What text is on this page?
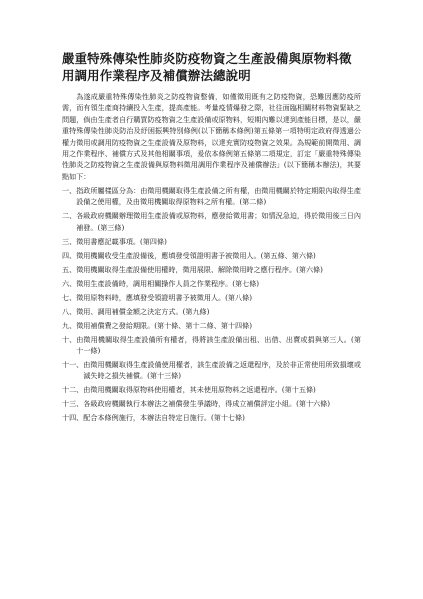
嚴重特殊傳染性肺炎防疫物資之生產設備與原物料徵用調用作業程序及補償辦法總說明

為遂成嚴重特殊傳染性肺炎之防疫物資整備，如僅徵用既有之防疫物資，恐難因應防疫所需，而有領生產商持續投入生產，提高產能。考量疫情爆發之際，社往面臨相關材料物資緊缺之問題，倘由生產者自行購買防疫物資之生產設備或原物料，短期內難以達到產能目標，是以，嚴重特殊傳染性肺炎防治及紓困振興特別條例(以下簡稱本條例)第五條第一項特明定政府得透過公權力徵用或調用防疫物資之生產設備及原物料，以達充實防疫物資之效果。為規範前開徵用、調用之作業程序、補償方式及其他相關事項，爰依本條例第五條第二項規定，訂定「嚴重特殊傳染性肺炎之防疫物資之生產設備與原物料徵用調用作業程序及補償辦法」(以下簡稱本辦法)，其要點如下：

一、 指政所屬樣區分為：由徵用機關取得生產設備之所有權，由徵用機關於特定期限內取得生產設備之使用權，及由徵用機關取得原物料之所有權。(第二條)
二、 各級政府機關辦理徵用生產設備或原物料，應發給徵用書；如情況急迫，得於徵用後三日內補發。(第三條)
三、 徵用書應記載事項。(第四條)
四、 徵用機關收受生產設備後，應填發受領證明書予被徵用人。(第五條、第六條)
五、 徵用機關取得生產設備使用權時，徵用展限、解除徵用時之應行程序。(第六條)
六、 徵用生產設備時，調用相關操作人員之作業程序。(第七條)
七、 徵用原物料時，應填發受領證明書予被徵用人。(第八條)
八、 徵用、調用補償金額之決定方式。(第九條)
九、 徵用補償費之發給期限。(第十條、第十二條、第十四條)
十、 由徵用機關取得生產設備所有權者，得將該生產設備出租、出借、出賣或捐與第三人。(第十一條)
十一、 由徵用機關取得生產設備使用權者，該生產設備之返還程序，及於非正常使用所致損壞或滅失時之損失補償。(第十三條)
十二、 由徵用機關取得原物料使用權者，其未使用原物料之返還程序。(第十五條)
十三、 各級政府機關執行本辦法之補償發生爭議時，得成立補償評定小組。(第十六條)
十四、 配合本條例施行，本辦法自特定日施行。(第十七條)
